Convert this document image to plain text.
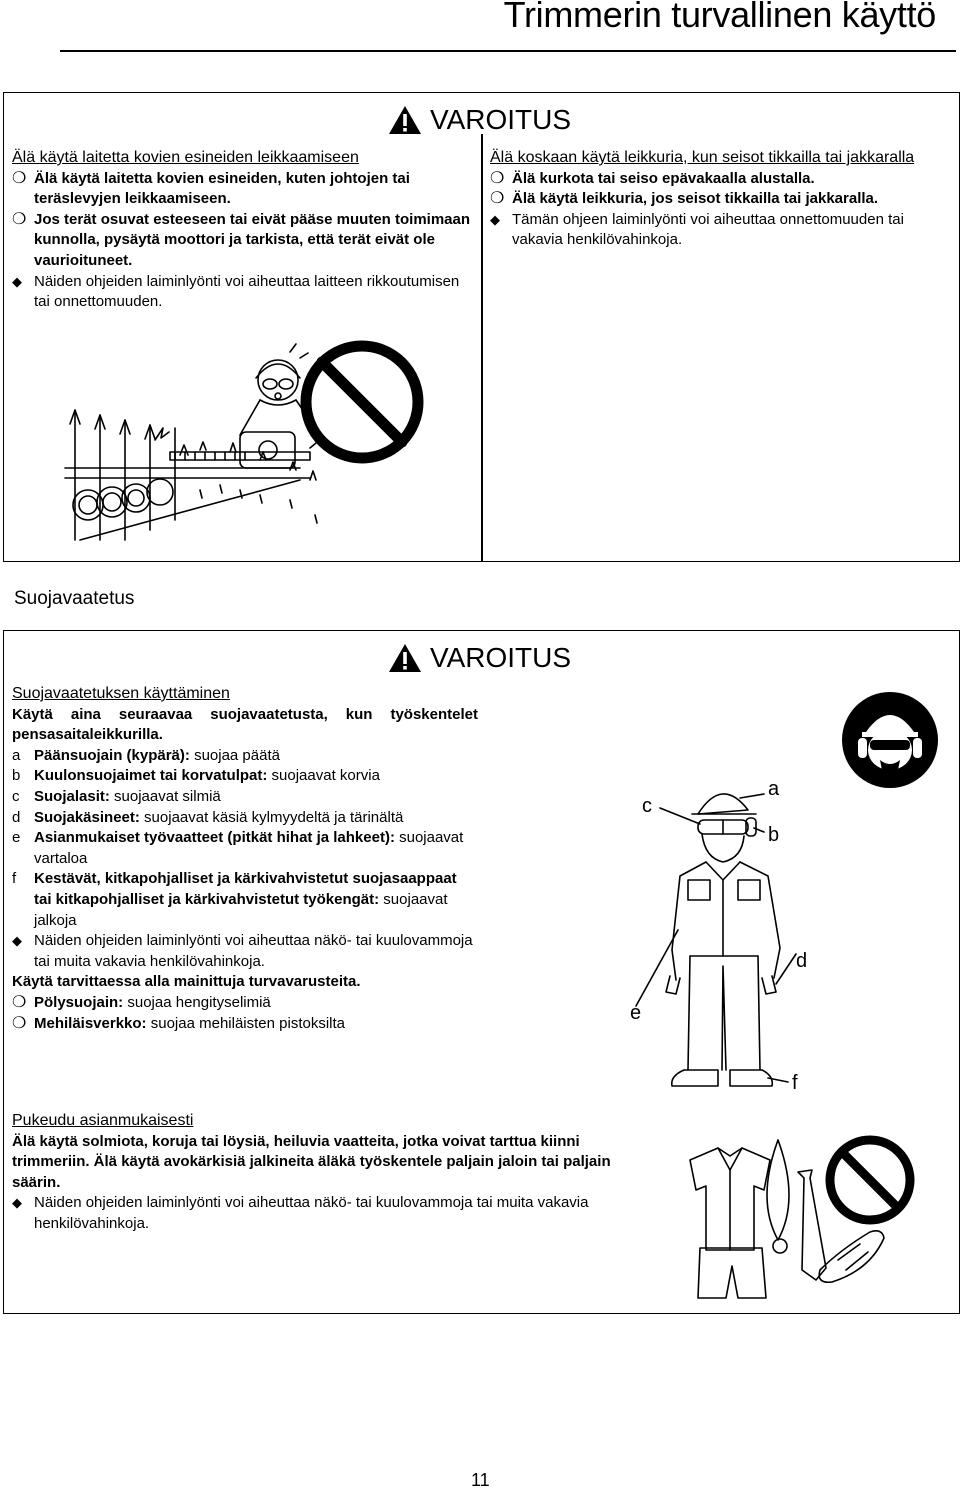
Trimmerin turvallinen käyttö
VAROITUS

Älä käytä laitetta kovien esineiden leikkaamiseen

❍ Älä käytä laitetta kovien esineiden, kuten johtojen tai teräslevyjen leikkaamiseen.
❍ Jos terät osuvat esteeseen tai eivät pääse muuten toimimaan kunnolla, pysäytä moottori ja tarkista, että terät eivät ole vaurioituneet.
◆ Näiden ohjeiden laiminlyönti voi aiheuttaa laitteen rikkoutumisen tai onnettomuuden.

Älä koskaan käytä leikkuria, kun seisot tikkailla tai jakkaralla

❍ Älä kurkota tai seiso epävakaalla alustalla.
❍ Älä käytä leikkuria, jos seisot tikkailla tai jakkaralla.
◆ Tämän ohjeen laiminlyönti voi aiheuttaa onnettomuuden tai vakavia henkilövahinkoja.
Suojavaatetus
VAROITUS

Suojavaatetuksen käyttäminen

Käytä aina seuraavaa suojavaatetusta, kun työskentelet pensasaitaleikkurilla.

a Päänsuojain (kypärä): suojaa päätä
b Kuulonsuojaimet tai korvatulpat: suojaavat korvia
c Suojalasit: suojaavat silmiä
d Suojakäsineet: suojaavat käsiä kylmyydeltä ja tärinältä
e Asianmukaiset työvaatteet (pitkät hihat ja lahkeet): suojaavat vartaloa
f	Kestävät, kitkapohjalliset ja kärkivahvistetut suojasaappaat tai kitkapohjalliset ja kärkivahvistetut työkengät: suojaavat jalkoja
◆ Näiden ohjeiden laiminlyönti voi aiheuttaa näkö- tai kuulovammoja tai muita vakavia henkilövahinkoja.

Käytä tarvittaessa alla mainittuja turvavarusteita.

❍ Pölysuojain: suojaa hengityselimiä
❍ Mehiläisverkko: suojaa mehiläisten pistoksilta
c
a
b
d
e
f

Pukeudu asianmukaisesti

Älä käytä solmiota, koruja tai löysiä, heiluvia vaatteita, jotka voivat tarttua kiinni trimmeriin. Älä käytä avokärkisiä jalkineita äläkä työskentele paljain jaloin tai paljain säärin.

◆ Näiden ohjeiden laiminlyönti voi aiheuttaa näkö- tai kuulovammoja tai muita vakavia henkilövahinkoja.
11
